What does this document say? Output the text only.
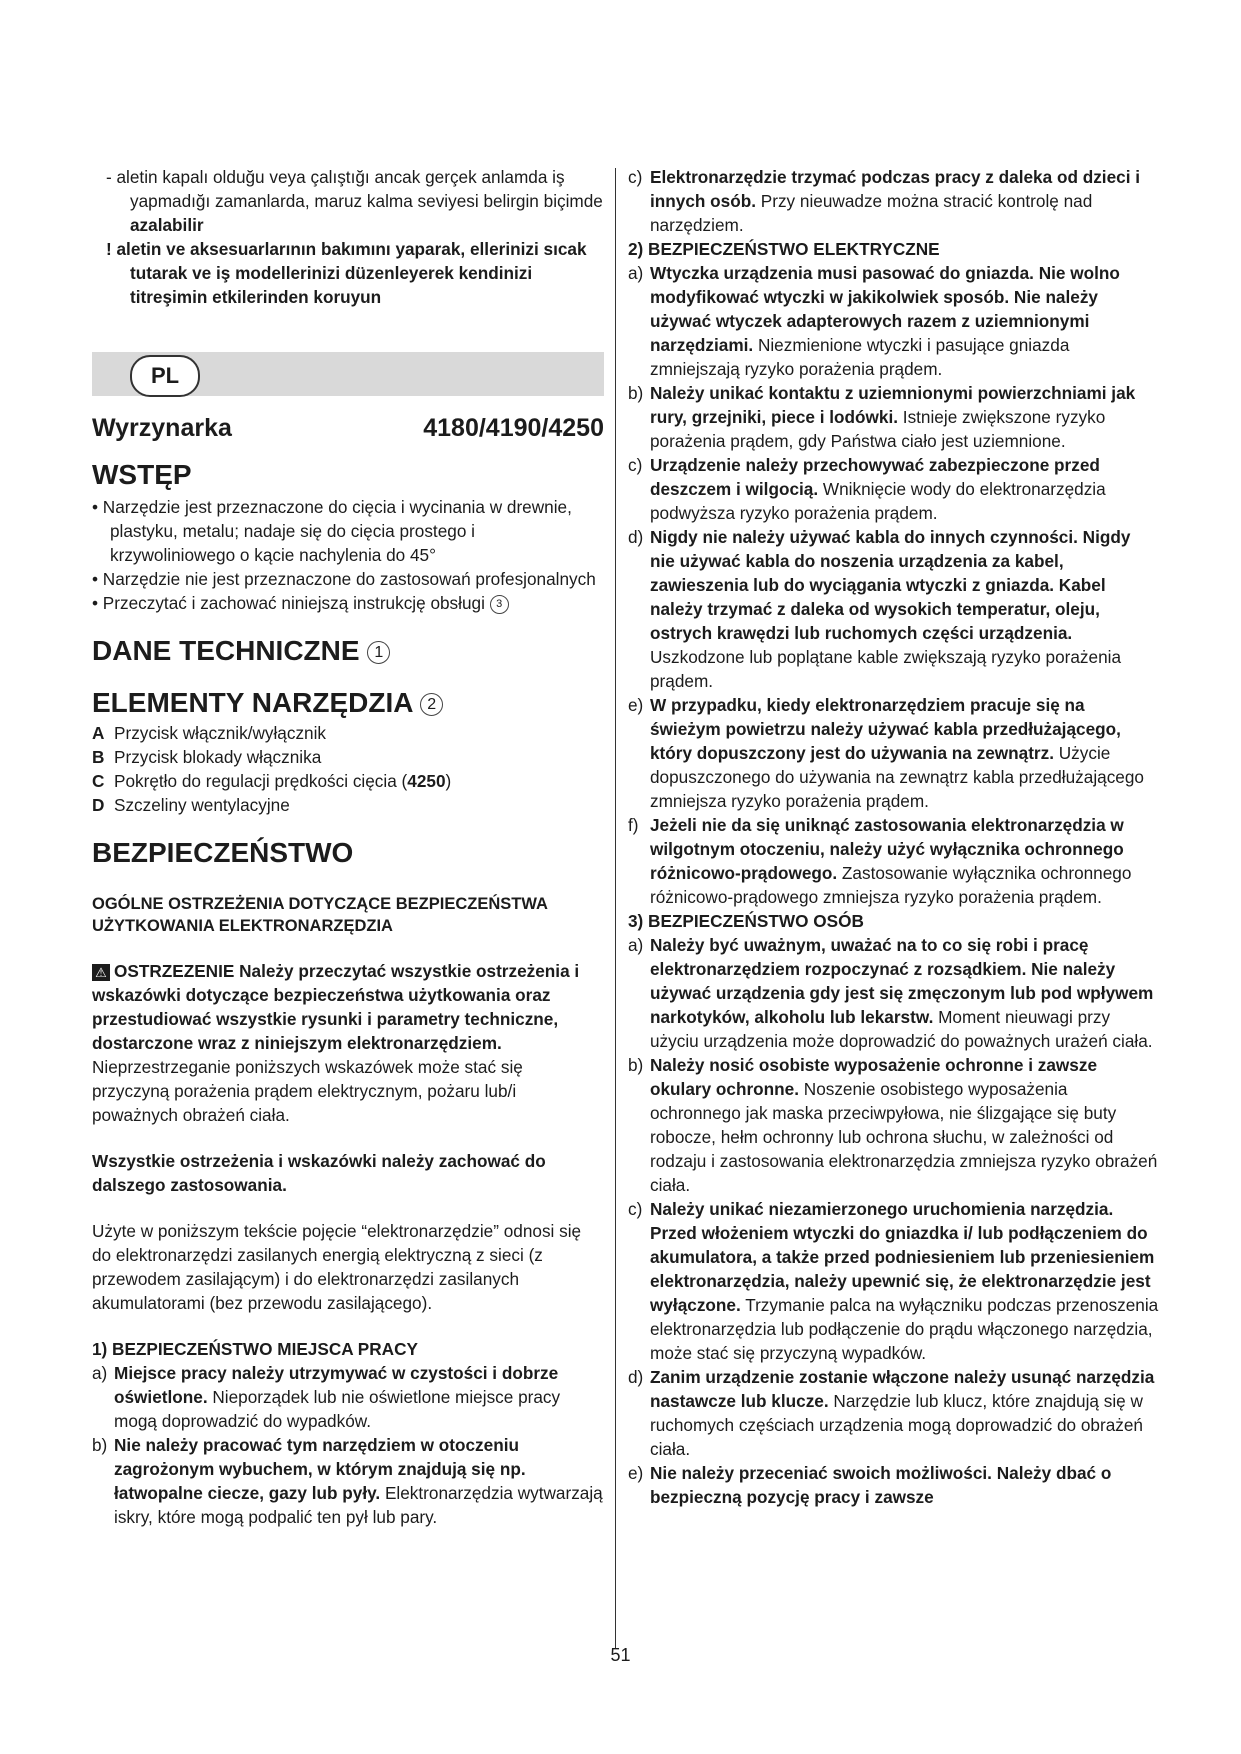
- aletin kapalı olduğu veya çalıştığı ancak gerçek anlamda iş yapmadığı zamanlarda, maruz kalma seviyesi belirgin biçimde azalabilir

! aletin ve aksesuarlarının bakımını yaparak, ellerinizi sıcak tutarak ve iş modellerinizi düzenleyerek kendinizi titreşimin etkilerinden koruyun

PL
Wyrzynarka	4180/4190/4250
WSTĘP

• Narzędzie jest przeznaczone do cięcia i wycinania w drewnie, plastyku, metalu; nadaje się do cięcia prostego i krzywoliniowego o kącie nachylenia do 45°

• Narzędzie nie jest przeznaczone do zastosowań profesjonalnych

• Przeczytać i zachować niniejszą instrukcję obsługi 3

DANE TECHNICZNE 1
ELEMENTY NARZĘDZIA 2

A Przycisk włącznik/wyłącznik

B Przycisk blokady włącznika

C Pokrętło do regulacji prędkości cięcia (4250)

D Szczeliny wentylacyjne

BEZPIECZEŃSTWO

OGÓLNE OSTRZEŻENIA DOTYCZĄCE BEZPIECZEŃSTWA UŻYTKOWANIA ELEKTRONARZĘDZIA

⚠ OSTRZEZENIE Należy przeczytać wszystkie ostrzeżenia i wskazówki dotyczące bezpieczeństwa użytkowania oraz przestudiować wszystkie rysunki i parametry techniczne, dostarczone wraz z niniejszym elektronarzędziem. Nieprzestrzeganie poniższych wskazówek może stać się przyczyną porażenia prądem elektrycznym, pożaru lub/i poważnych obrażeń ciała.

Wszystkie ostrzeżenia i wskazówki należy zachować do dalszego zastosowania.

Użyte w poniższym tekście pojęcie “elektronarzędzie” odnosi się do elektronarzędzi zasilanych energią elektryczną z sieci (z przewodem zasilającym) i do elektronarzędzi zasilanych akumulatorami (bez przewodu zasilającego).

1) BEZPIECZEŃSTWO MIEJSCA PRACY

a) Miejsce pracy należy utrzymywać w czystości i dobrze oświetlone. Nieporządek lub nie oświetlone miejsce pracy mogą doprowadzić do wypadków.

b) Nie należy pracować tym narzędziem w otoczeniu zagrożonym wybuchem, w którym znajdują się np. łatwopalne ciecze, gazy lub pyły. Elektronarzędzia wytwarzają iskry, które mogą podpalić ten pył lub pary.

c) Elektronarzędzie trzymać podczas pracy z daleka od dzieci i innych osób. Przy nieuwadze można stracić kontrolę nad narzędziem.

2) BEZPIECZEŃSTWO ELEKTRYCZNE

a) Wtyczka urządzenia musi pasować do gniazda. Nie wolno modyfikować wtyczki w jakikolwiek sposób. Nie należy używać wtyczek adapterowych razem z uziemnionymi narzędziami. Niezmienione wtyczki i pasujące gniazda zmniejszają ryzyko porażenia prądem.

b) Należy unikać kontaktu z uziemnionymi powierzchniami jak rury, grzejniki, piece i lodówki. Istnieje zwiększone ryzyko porażenia prądem, gdy Państwa ciało jest uziemnione.

c) Urządzenie należy przechowywać zabezpieczone przed deszczem i wilgocią. Wniknięcie wody do elektronarzędzia podwyższa ryzyko porażenia prądem.

d) Nigdy nie należy używać kabla do innych czynności. Nigdy nie używać kabla do noszenia urządzenia za kabel, zawieszenia lub do wyciągania wtyczki z gniazda. Kabel należy trzymać z daleka od wysokich temperatur, oleju, ostrych krawędzi lub ruchomych części urządzenia. Uszkodzone lub poplątane kable zwiększają ryzyko porażenia prądem.

e) W przypadku, kiedy elektronarzędziem pracuje się na świeżym powietrzu należy używać kabla przedłużającego, który dopuszczony jest do używania na zewnątrz. Użycie dopuszczonego do używania na zewnątrz kabla przedłużającego zmniejsza ryzyko porażenia prądem.

f) Jeżeli nie da się uniknąć zastosowania elektronarzędzia w wilgotnym otoczeniu, należy użyć wyłącznika ochronnego różnicowo-prądowego. Zastosowanie wyłącznika ochronnego różnicowo-prądowego zmniejsza ryzyko porażenia prądem.

3) BEZPIECZEŃSTWO OSÓB

a) Należy być uważnym, uważać na to co się robi i pracę elektronarzędziem rozpoczynać z rozsądkiem. Nie należy używać urządzenia gdy jest się zmęczonym lub pod wpływem narkotyków, alkoholu lub lekarstw. Moment nieuwagi przy użyciu urządzenia może doprowadzić do poważnych urażeń ciała.

b) Należy nosić osobiste wyposażenie ochronne i zawsze okulary ochronne. Noszenie osobistego wyposażenia ochronnego jak maska przeciwpyłowa, nie ślizgające się buty robocze, hełm ochronny lub ochrona słuchu, w zależności od rodzaju i zastosowania elektronarzędzia zmniejsza ryzyko obrażeń ciała.

c) Należy unikać niezamierzonego uruchomienia narzędzia. Przed włożeniem wtyczki do gniazdka i/ lub podłączeniem do akumulatora, a także przed podniesieniem lub przeniesieniem elektronarzędzia, należy upewnić się, że elektronarzędzie jest wyłączone. Trzymanie palca na wyłączniku podczas przenoszenia elektronarzędzia lub podłączenie do prądu włączonego narzędzia, może stać się przyczyną wypadków.

d) Zanim urządzenie zostanie włączone należy usunąć narzędzia nastawcze lub klucze. Narzędzie lub klucz, które znajdują się w ruchomych częściach urządzenia mogą doprowadzić do obrażeń ciała.

e) Nie należy przeceniać swoich możliwości. Należy dbać o bezpieczną pozycję pracy i zawsze

51
